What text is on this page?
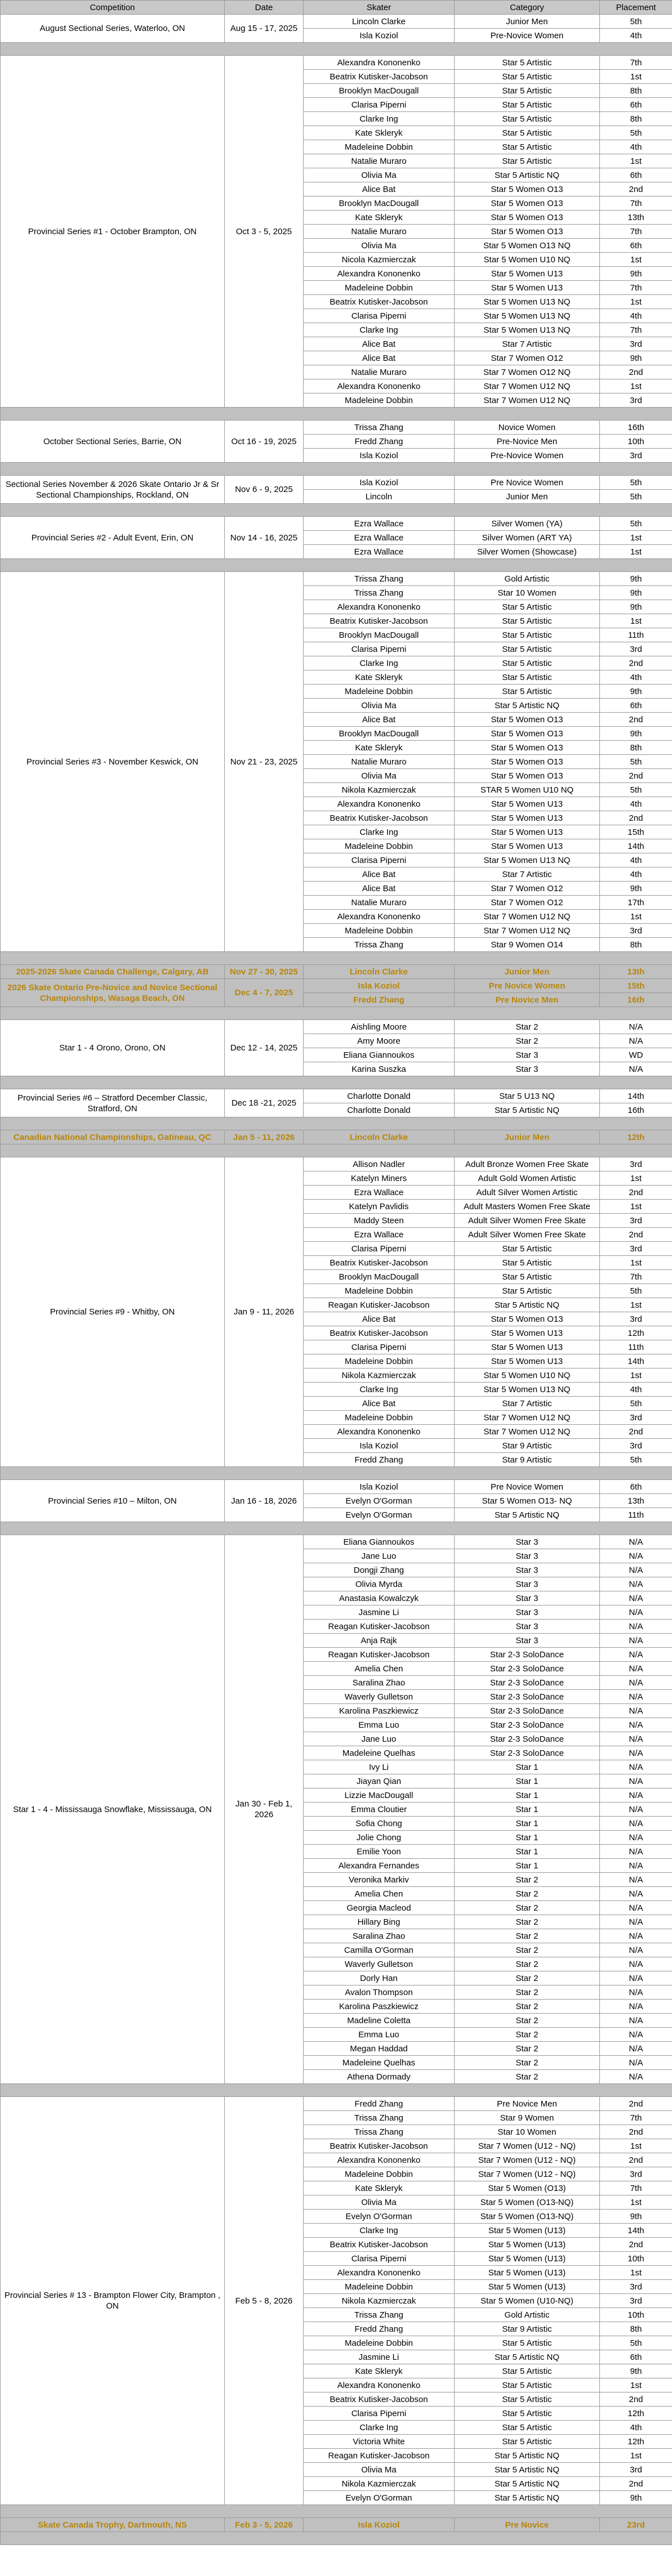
Competition	Date	Skater	Category	Placement
August Sectional Series, Waterloo, ON	Aug 15 - 17, 2025	Lincoln Clarke	Junior Men	5th
		Isla Koziol	Pre-Novice Women	4th

Provincial Series #1 - October Brampton, ON	Oct 3 - 5, 2025	Alexandra Kononenko	Star 5 Artistic	7th
		Beatrix Kutisker-Jacobson	Star 5 Artistic	1st
		Brooklyn MacDougall	Star 5 Artistic	8th
		Clarisa Piperni	Star 5 Artistic	6th
		Clarke Ing	Star 5 Artistic	8th
		Kate Skleryk	Star 5 Artistic	5th
		Madeleine Dobbin	Star 5 Artistic	4th
		Natalie Muraro	Star 5 Artistic	1st
		Olivia Ma	Star 5 Artistic NQ	6th
		Alice Bat	Star 5 Women O13	2nd
		Brooklyn MacDougall	Star 5 Women O13	7th
		Kate Skleryk	Star 5 Women O13	13th
		Natalie Muraro	Star 5 Women O13	7th
		Olivia Ma	Star 5 Women O13 NQ	6th
		Nicola Kazmierczak	Star 5 Women U10 NQ	1st
		Alexandra Kononenko	Star 5 Women U13	9th
		Madeleine Dobbin	Star 5 Women U13	7th
		Beatrix Kutisker-Jacobson	Star 5 Women U13 NQ	1st
		Clarisa Piperni	Star 5 Women U13 NQ	4th
		Clarke Ing	Star 5 Women U13 NQ	7th
		Alice Bat	Star 7 Artistic	3rd
		Alice Bat	Star 7 Women O12	9th
		Natalie Muraro	Star 7 Women O12 NQ	2nd
		Alexandra Kononenko	Star 7 Women U12 NQ	1st
		Madeleine Dobbin	Star 7 Women U12 NQ	3rd

October Sectional Series, Barrie, ON	Oct 16 - 19, 2025	Trissa Zhang	Novice Women	16th
		Fredd Zhang	Pre-Novice Men	10th
		Isla Koziol	Pre-Novice Women	3rd

Sectional Series November & 2026 Skate Ontario Jr & Sr Sectional Championships, Rockland, ON	Nov 6 - 9, 2025	Isla Koziol	Pre Novice Women	5th
		Lincoln	Junior Men	5th

Provincial Series #2 - Adult Event, Erin, ON	Nov 14 - 16, 2025	Ezra Wallace	Silver Women (YA)	5th
		Ezra Wallace	Silver Women (ART YA)	1st
		Ezra Wallace	Silver Women (Showcase)	1st

Provincial Series #3 - November Keswick, ON	Nov 21 - 23, 2025	Trissa Zhang	Gold Artistic	9th
		Trissa Zhang	Star 10 Women	9th
		Alexandra Kononenko	Star 5 Artistic	9th
		Beatrix Kutisker-Jacobson	Star 5 Artistic	1st
		Brooklyn MacDougall	Star 5 Artistic	11th
		Clarisa Piperni	Star 5 Artistic	3rd
		Clarke Ing	Star 5 Artistic	2nd
		Kate Skleryk	Star 5 Artistic	4th
		Madeleine Dobbin	Star 5 Artistic	9th
		Olivia Ma	Star 5 Artistic NQ	6th
		Alice Bat	Star 5 Women O13	2nd
		Brooklyn MacDougall	Star 5 Women O13	9th
		Kate Skleryk	Star 5 Women O13	8th
		Natalie Muraro	Star 5 Women O13	5th
		Olivia Ma	Star 5 Women O13	2nd
		Nikola Kazmierczak	STAR 5 Women U10 NQ	5th
		Alexandra Kononenko	Star 5 Women U13	4th
		Beatrix Kutisker-Jacobson	Star 5 Women U13	2nd
		Clarke Ing	Star 5 Women U13	15th
		Madeleine Dobbin	Star 5 Women U13	14th
		Clarisa Piperni	Star 5 Women U13 NQ	4th
		Alice Bat	Star 7 Artistic	4th
		Alice Bat	Star 7 Women O12	9th
		Natalie Muraro	Star 7 Women O12	17th
		Alexandra Kononenko	Star 7 Women U12 NQ	1st
		Madeleine Dobbin	Star 7 Women U12 NQ	3rd
		Trissa Zhang	Star 9 Women O14	8th

2025-2026 Skate Canada Challenge, Calgary, AB	Nov 27 - 30, 2025	Lincoln Clarke	Junior Men	13th
2026 Skate Ontario Pre-Novice and Novice Sectional Championships, Wasaga Beach, ON	Dec 4 - 7, 2025	Isla Koziol	Pre Novice Women	15th
		Fredd Zhang	Pre Novice Men	16th

Star 1 - 4 Orono, Orono, ON	Dec 12 - 14, 2025	Aishling Moore	Star 2	N/A
		Amy Moore	Star 2	N/A
		Eliana Giannoukos	Star 3	WD
		Karina Suszka	Star 3	N/A

Provincial Series #6 – Stratford December Classic, Stratford, ON	Dec 18 -21, 2025	Charlotte Donald	Star 5 U13 NQ	14th
		Charlotte Donald	Star 5 Artistic NQ	16th

Canadian National Championships, Gatineau, QC	Jan 5 - 11, 2026	Lincoln Clarke	Junior Men	12th

Provincial Series #9 - Whitby, ON	Jan 9 - 11, 2026	Allison Nadler	Adult Bronze Women Free Skate	3rd
		Katelyn Miners	Adult Gold Women Artistic	1st
		Ezra Wallace	Adult Silver Women Artistic	2nd
		Katelyn Pavlidis	Adult Masters Women Free Skate	1st
		Maddy Steen	Adult Silver Women Free Skate	3rd
		Ezra Wallace	Adult Silver Women Free Skate	2nd
		Clarisa Piperni	Star 5 Artistic	3rd
		Beatrix Kutisker-Jacobson	Star 5 Artistic	1st
		Brooklyn MacDougall	Star 5 Artistic	7th
		Madeleine Dobbin	Star 5 Artistic	5th
		Reagan Kutisker-Jacobson	Star 5 Artistic NQ	1st
		Alice Bat	Star 5 Women O13	3rd
		Beatrix Kutisker-Jacobson	Star 5 Women U13	12th
		Clarisa Piperni	Star 5 Women U13	11th
		Madeleine Dobbin	Star 5 Women U13	14th
		Nikola Kazmierczak	Star 5 Women U10 NQ	1st
		Clarke Ing	Star 5 Women U13 NQ	4th
		Alice Bat	Star 7 Artistic	5th
		Madeleine Dobbin	Star 7 Women U12 NQ	3rd
		Alexandra Kononenko	Star 7 Women U12 NQ	2nd
		Isla Koziol	Star 9 Artistic	3rd
		Fredd Zhang	Star 9 Artistic	5th

Provincial Series #10 – Milton, ON	Jan 16 - 18, 2026	Isla Koziol	Pre Novice Women	6th
		Evelyn O'Gorman	Star 5 Women O13- NQ	13th
		Evelyn O'Gorman	Star 5 Artistic NQ	11th

Star 1 - 4 - Mississauga Snowflake, Mississauga, ON	Jan 30 - Feb 1, 2026	Eliana Giannoukos	Star 3	N/A
		Jane Luo	Star 3	N/A
		Dongji Zhang	Star 3	N/A
		Olivia Myrda	Star 3	N/A
		Anastasia Kowalczyk	Star 3	N/A
		Jasmine Li	Star 3	N/A
		Reagan Kutisker-Jacobson	Star 3	N/A
		Anja Rajk	Star 3	N/A
		Reagan Kutisker-Jacobson	Star 2-3 SoloDance	N/A
		Amelia Chen	Star 2-3 SoloDance	N/A
		Saralina Zhao	Star 2-3 SoloDance	N/A
		Waverly Gulletson	Star 2-3 SoloDance	N/A
		Karolina Paszkiewicz	Star 2-3 SoloDance	N/A
		Emma Luo	Star 2-3 SoloDance	N/A
		Jane Luo	Star 2-3 SoloDance	N/A
		Madeleine Quelhas	Star 2-3 SoloDance	N/A
		Ivy Li	Star 1	N/A
		Jiayan Qian	Star 1	N/A
		Lizzie MacDougall	Star 1	N/A
		Emma Cloutier	Star 1	N/A
		Sofia Chong	Star 1	N/A
		Jolie Chong	Star 1	N/A
		Emilie Yoon	Star 1	N/A
		Alexandra Fernandes	Star 1	N/A
		Veronika Markiv	Star 2	N/A
		Amelia Chen	Star 2	N/A
		Georgia Macleod	Star 2	N/A
		Hillary Bing	Star 2	N/A
		Saralina Zhao	Star 2	N/A
		Camilla O'Gorman	Star 2	N/A
		Waverly Gulletson	Star 2	N/A
		Dorly Han	Star 2	N/A
		Avalon Thompson	Star 2	N/A
		Karolina Paszkiewicz	Star 2	N/A
		Madeline Coletta	Star 2	N/A
		Emma Luo	Star 2	N/A
		Megan Haddad	Star 2	N/A
		Madeleine Quelhas	Star 2	N/A
		Athena Dormady	Star 2	N/A

Provincial Series # 13 - Brampton Flower City, Brampton , ON	Feb 5 - 8, 2026	Fredd Zhang	Pre Novice Men	2nd
		Trissa Zhang	Star 9 Women	7th
		Trissa Zhang	Star 10 Women	2nd
		Beatrix Kutisker-Jacobson	Star 7 Women (U12 - NQ)	1st
		Alexandra Kononenko	Star 7 Women (U12 - NQ)	2nd
		Madeleine Dobbin	Star 7 Women (U12 - NQ)	3rd
		Kate Skleryk	Star 5 Women (O13)	7th
		Olivia Ma	Star 5 Women (O13-NQ)	1st
		Evelyn O'Gorman	Star 5 Women (O13-NQ)	9th
		Clarke Ing	Star 5 Women (U13)	14th
		Beatrix Kutisker-Jacobson	Star 5 Women (U13)	2nd
		Clarisa Piperni	Star 5 Women (U13)	10th
		Alexandra Kononenko	Star 5 Women (U13)	1st
		Madeleine Dobbin	Star 5 Women (U13)	3rd
		Nikola Kazmierczak	Star 5 Women (U10-NQ)	3rd
		Trissa Zhang	Gold Artistic	10th
		Fredd Zhang	Star 9 Artistic	8th
		Madeleine Dobbin	Star 5 Artistic	5th
		Jasmine Li	Star 5 Artistic NQ	6th
		Kate Skleryk	Star 5 Artistic	9th
		Alexandra Kononenko	Star 5 Artistic	1st
		Beatrix Kutisker-Jacobson	Star 5 Artistic	2nd
		Clarisa Piperni	Star 5 Artistic	12th
		Clarke Ing	Star 5 Artistic	4th
		Victoria White	Star 5 Artistic	12th
		Reagan Kutisker-Jacobson	Star 5 Artistic NQ	1st
		Olivia Ma	Star 5 Artistic NQ	3rd
		Nikola Kazmierczak	Star 5 Artistic NQ	2nd
		Evelyn O'Gorman	Star 5 Artistic NQ	9th

Skate Canada Trophy, Dartmouth, NS	Feb 3 - 5, 2026	Isla Koziol	Pre Novice	23rd
